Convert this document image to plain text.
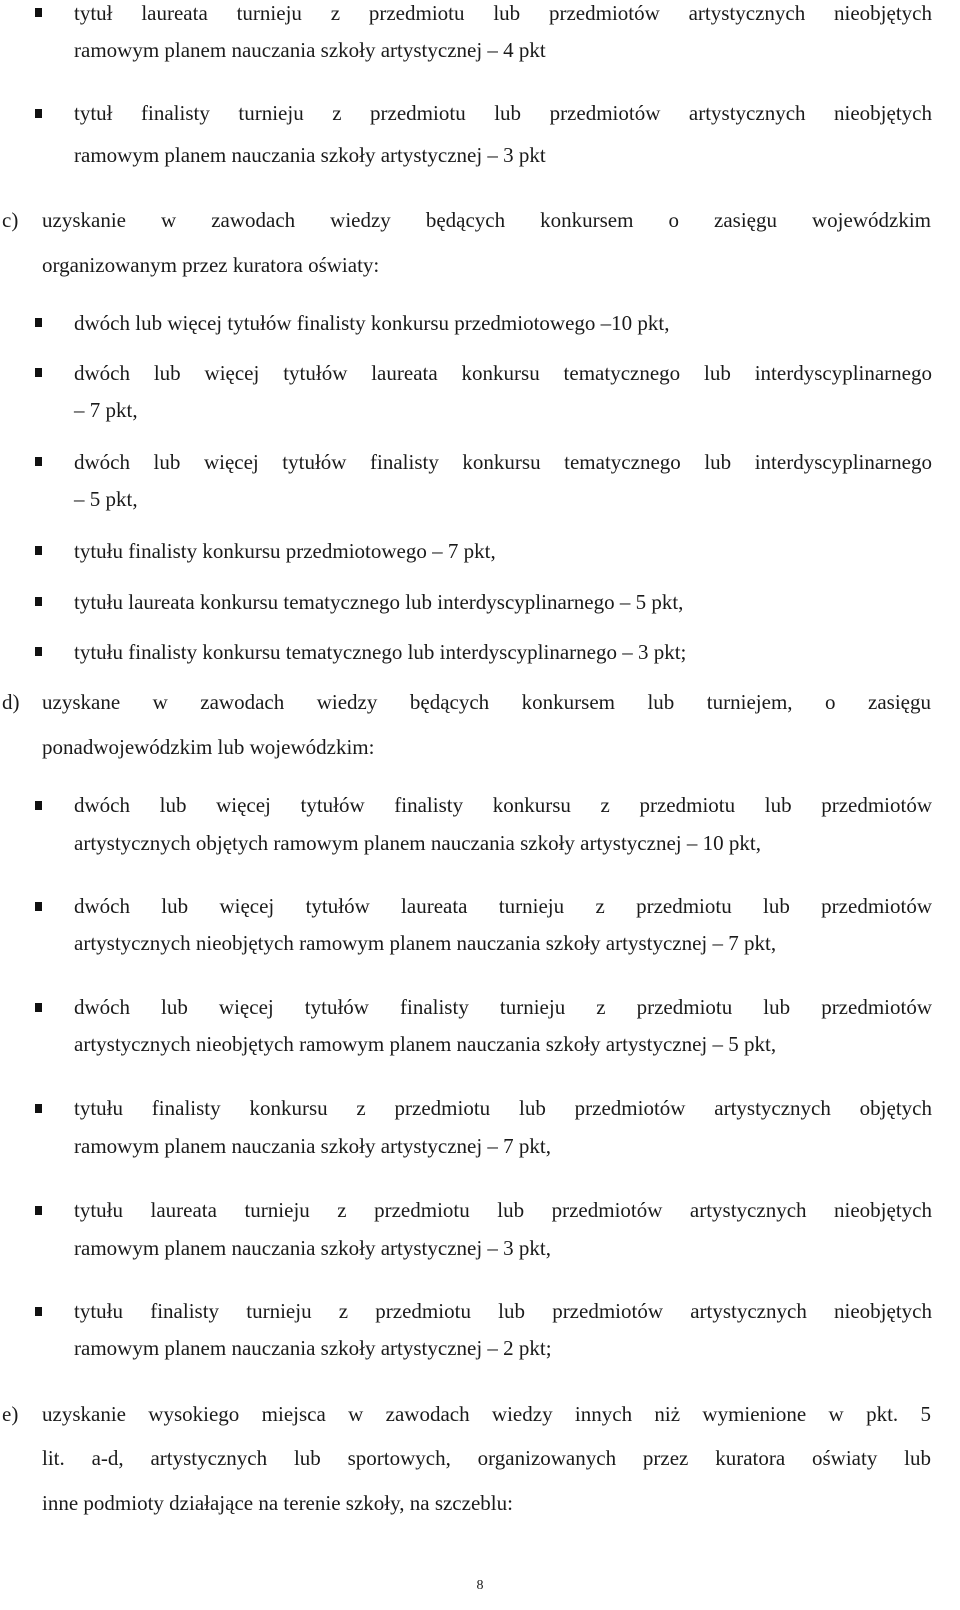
tytuł laureata turnieju z przedmiotu lub przedmiotów artystycznych nieobjętych
ramowym planem nauczania szkoły artystycznej – 4 pkt
tytuł finalisty turnieju z przedmiotu lub przedmiotów artystycznych nieobjętych
ramowym planem nauczania szkoły artystycznej – 3 pkt
c) uzyskanie w zawodach wiedzy będących konkursem o zasięgu wojewódzkim
organizowanym przez kuratora oświaty:
dwóch lub więcej tytułów finalisty konkursu przedmiotowego –10 pkt,
dwóch lub więcej tytułów laureata konkursu tematycznego lub interdyscyplinarnego
– 7 pkt,
dwóch lub więcej tytułów finalisty konkursu tematycznego lub interdyscyplinarnego
– 5 pkt,
tytułu finalisty konkursu przedmiotowego – 7 pkt,
tytułu laureata konkursu tematycznego lub interdyscyplinarnego – 5 pkt,
tytułu finalisty konkursu tematycznego lub interdyscyplinarnego – 3 pkt;
d) uzyskane w zawodach wiedzy będących konkursem lub turniejem, o zasięgu
ponadwojewódzkim lub wojewódzkim:
dwóch lub więcej tytułów finalisty konkursu z przedmiotu lub przedmiotów
artystycznych objętych ramowym planem nauczania szkoły artystycznej – 10 pkt,
dwóch lub więcej tytułów laureata turnieju z przedmiotu lub przedmiotów
artystycznych nieobjętych ramowym planem nauczania szkoły artystycznej – 7 pkt,
dwóch lub więcej tytułów finalisty turnieju z przedmiotu lub przedmiotów
artystycznych nieobjętych ramowym planem nauczania szkoły artystycznej – 5 pkt,
tytułu finalisty konkursu z przedmiotu lub przedmiotów artystycznych objętych
ramowym planem nauczania szkoły artystycznej – 7 pkt,
tytułu laureata turnieju z przedmiotu lub przedmiotów artystycznych nieobjętych
ramowym planem nauczania szkoły artystycznej – 3 pkt,
tytułu finalisty turnieju z przedmiotu lub przedmiotów artystycznych nieobjętych
ramowym planem nauczania szkoły artystycznej – 2 pkt;
e) uzyskanie wysokiego miejsca w zawodach wiedzy innych niż wymienione w pkt. 5
lit. a-d, artystycznych lub sportowych, organizowanych przez kuratora oświaty lub
inne podmioty działające na terenie szkoły, na szczeblu:
8
